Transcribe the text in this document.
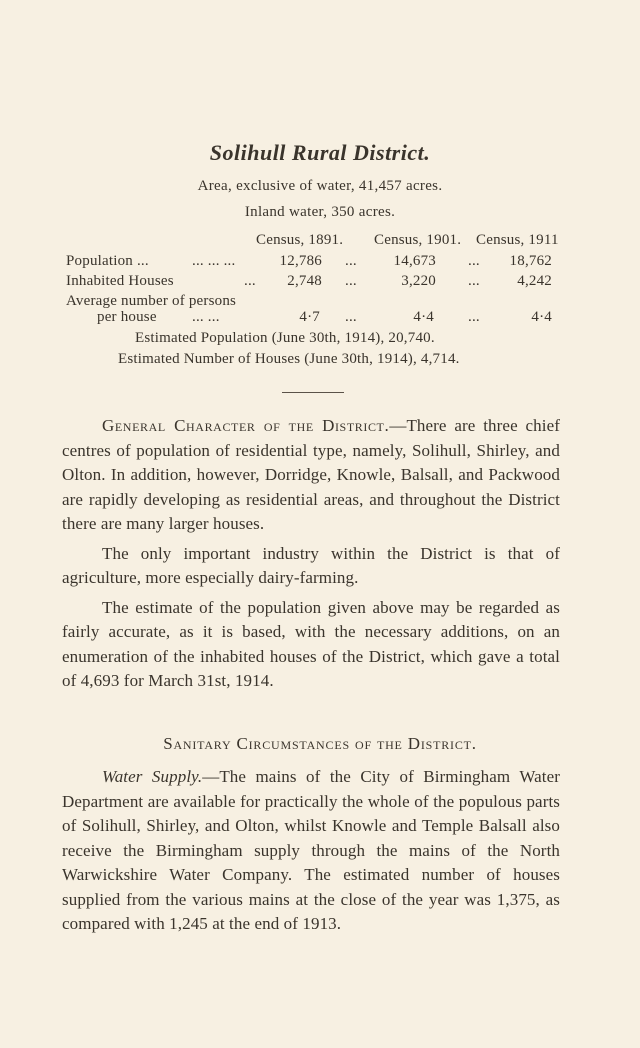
Solihull Rural District.
Area, exclusive of water, 41,457 acres.
Inland water, 350 acres.
Census, 1891. Census, 1901. Census, 1911
Population ...	... ... ...	12,786 ...	14,673 ...	18,762
Inhabited Houses	...	2,748 ...	3,220 ...	4,242
Average number of persons
per house ... ...	4·7 ...	4·4 ...	4·4
Estimated Population (June 30th, 1914), 20,740.
Estimated Number of Houses (June 30th, 1914), 4,714.

General Character of the District.—There are three chief centres of population of residential type, namely, Solihull, Shirley, and Olton. In addition, however, Dorridge, Knowle, Balsall, and Packwood are rapidly developing as residential areas, and throughout the District there are many larger houses.

The only important industry within the District is that of agriculture, more especially dairy-farming.

The estimate of the population given above may be regarded as fairly accurate, as it is based, with the necessary additions, on an enumeration of the inhabited houses of the District, which gave a total of 4,693 for March 31st, 1914.

Sanitary Circumstances of the District.

Water Supply.—The mains of the City of Birmingham Water Department are available for practically the whole of the populous parts of Solihull, Shirley, and Olton, whilst Knowle and Temple Balsall also receive the Birmingham supply through the mains of the North Warwickshire Water Company. The estimated number of houses supplied from the various mains at the close of the year was 1,375, as compared with 1,245 at the end of 1913.
